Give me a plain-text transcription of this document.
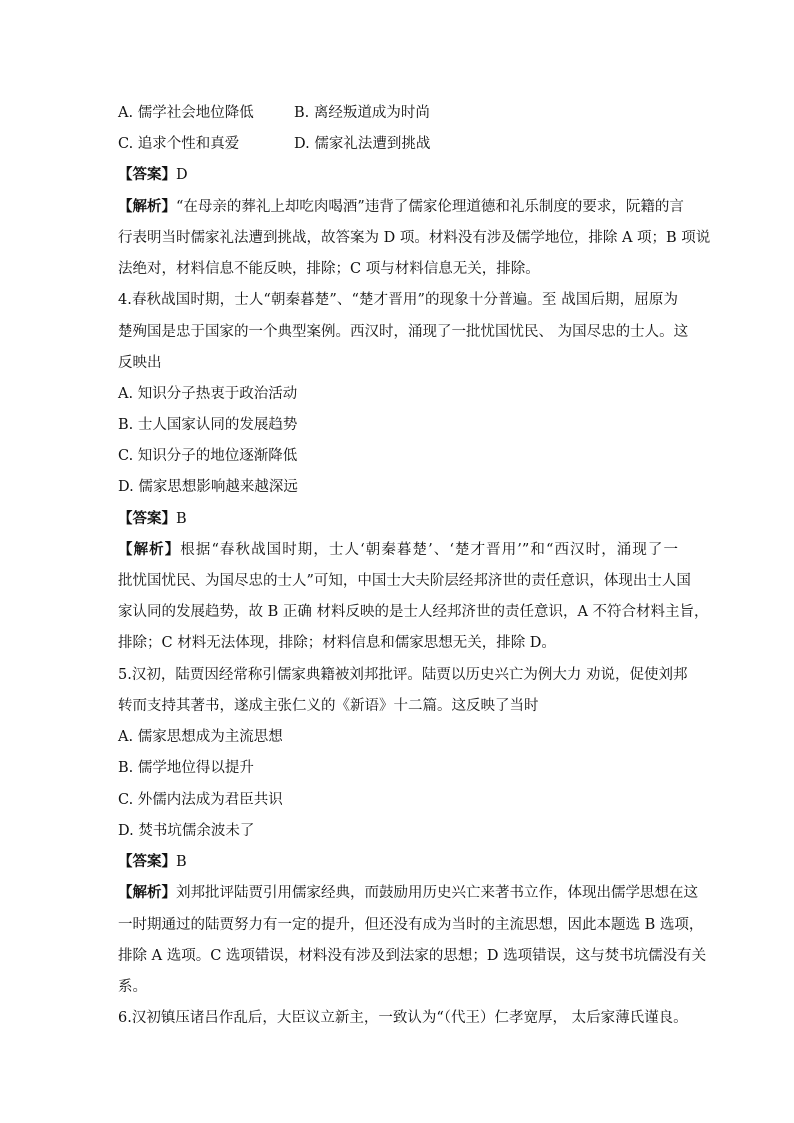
A. 儒学社会地位降低	B. 离经叛道成为时尚
C. 追求个性和真爱	D. 儒家礼法遭到挑战
【答案】D
【解析】“在母亲的葬礼上却吃肉喝酒”违背了儒家伦理道德和礼乐制度的要求，阮籍的言
行表明当时儒家礼法遭到挑战，故答案为 D 项。材料没有涉及儒学地位，排除 A 项；B 项说
法绝对，材料信息不能反映，排除；C 项与材料信息无关，排除。
4.春秋战国时期，士人“朝秦暮楚”、“楚才晋用”的现象十分普遍。至 战国后期，屈原为
楚殉国是忠于国家的一个典型案例。西汉时，涌现了一批忧国忧民、 为国尽忠的士人。这
反映出
A. 知识分子热衷于政治活动
B. 士人国家认同的发展趋势
C. 知识分子的地位逐渐降低
D. 儒家思想影响越来越深远
【答案】B
【解析】根据“春秋战国时期，士人‘朝秦暮楚’、‘楚才晋用’”和“西汉时，涌现了一
批忧国忧民、为国尽忠的士人”可知，中国士大夫阶层经邦济世的责任意识，体现出士人国
家认同的发展趋势，故 B 正确 材料反映的是士人经邦济世的责任意识，A 不符合材料主旨，
排除；C 材料无法体现，排除；材料信息和儒家思想无关，排除 D。
5.汉初，陆贾因经常称引儒家典籍被刘邦批评。陆贾以历史兴亡为例大力 劝说，促使刘邦
转而支持其著书，遂成主张仁义的《新语》十二篇。这反映了当时
A. 儒家思想成为主流思想
B. 儒学地位得以提升
C. 外儒内法成为君臣共识
D. 焚书坑儒余波未了
【答案】B
【解析】刘邦批评陆贾引用儒家经典，而鼓励用历史兴亡来著书立作，体现出儒学思想在这
一时期通过的陆贾努力有一定的提升，但还没有成为当时的主流思想，因此本题选 B 选项，
排除 A 选项。C 选项错误，材料没有涉及到法家的思想；D 选项错误，这与焚书坑儒没有关
系。
6.汉初镇压诸吕作乱后，大臣议立新主，一致认为“（代王）仁孝宽厚， 太后家薄氏谨良。
